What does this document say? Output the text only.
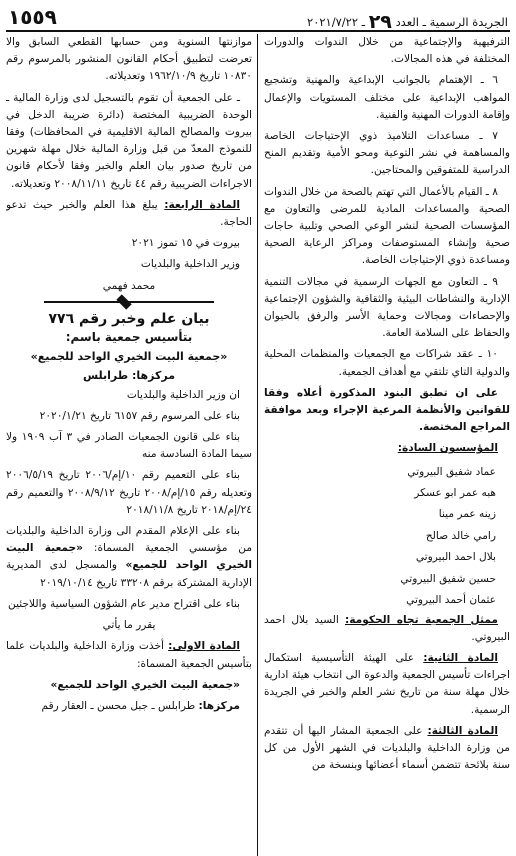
١٥٥٩	الجريدة الرسمية ـ العدد ٢٩ ـ ٢٠٢١/٧/٢٢

الترفيهية والإجتماعية من خلال الندوات والدورات المختلفة في هذه المجالات.

٦ ـ الإهتمام بالجوانب الإبداعية والمهنية وتشجيع المواهب الإبداعية على مختلف المستويات والإعمال وإقامة الدورات المهنية والفنية.

٧ ـ مساعدات التلاميذ ذوي الإحتياجات الخاصة والمساهمة في نشر التوعية ومحو الأمية وتقديم المنح الدراسية للمتفوقين والمحتاجين.

٨ ـ القيام بالأعمال التي تهتم بالصحة من خلال الندوات الصحية والمساعدات المادية للمرضى والتعاون مع المؤسسات الصحية لنشر الوعي الصحي وتلبية حاجات صحية وإنشاء المستوصفات ومراكز الرعاية الصحية ومساعدة ذوي الإحتياجات الخاصة.

٩ ـ التعاون مع الجهات الرسمية في مجالات التنمية الإدارية والنشاطات البيئية والثقافية والشؤون الإجتماعية والإحصاءات ومجالات وحماية الأسر والرفق بالحيوان والحفاظ على السلامة العامة.

١٠ ـ عقد شراكات مع الجمعيات والمنظمات المحلية والدولية التاي تلتقي مع أهداف الجمعية.

على ان تطبق البنود المذكورة أعلاه وفقا للقوانين والأنظمة المرعية الإجراء وبعد موافقة المراجع المختصة.

المؤسسون السادة:

عماد شفيق البيروتي

هبه عمر ابو عسكر

زينه عمر مينا

رامي خالد صالح

بلال احمد البيروتي

حسين شفيق البيروتي

عثمان أحمد البيروتي

ممثل الجمعية تجاه الحكومة: السيد بلال احمد البيروتي.

المادة الثانية: على الهيئة التأسيسية استكمال اجراءات تأسيس الجمعية والدعوة الى انتخاب هيئة ادارية خلال مهلة سنة من تاريخ نشر العلم والخبر في الجريدة الرسمية.

المادة الثالثة: على الجمعية المشار اليها أن تتقدم من وزارة الداخلية والبلديات في الشهر الأول من كل سنة بلائحة تتضمن أسماء أعضائها وبنسخة من

موازنتها السنوية ومن حسابها القطعي السابق والا تعرضت لتطبيق أحكام القانون المنشور بالمرسوم رقم ١٠٨٣٠ تاريخ ١٩٦٢/١٠/٩ وتعديلاته.

ـ على الجمعية أن تقوم بالتسجيل لدى وزارة المالية ـ الوحدة الضريبية المختصة (دائرة ضريبة الدخل في بيروت والمصالح المالية الاقليمية في المحافظات) وفقا للنموذج المعدّ من قبل وزارة المالية خلال مهلة شهرين من تاريخ صدور بيان العلم والخبر وفقا لأحكام قانون الاجراءات الضريبية رقم ٤٤ تاريخ ٢٠٠٨/١١/١١ وتعديلاته.

المادة الرابعة: يبلغ هذا العلم والخبر حيث تدعو الحاجة.

بيروت في ١٥ تموز ٢٠٢١

وزير الداخلية والبلديات

محمد فهمي

بيان علم وخبر رقم ٧٧٦
بتأسيس جمعية باسم:
«جمعية البيت الخيري الواحد للجميع»
مركزها: طرابلس

ان وزير الداخلية والبلديات

بناء على المرسوم رقم ٦١٥٧ تاريخ ٢٠٢٠/١/٢١

بناء على قانون الجمعيات الصادر في ٣ آب ١٩٠٩ ولا سيما المادة السادسة منه

بناء على التعميم رقم ١٠/إم/٢٠٠٦ تاريخ ٢٠٠٦/٥/١٩ وتعديله رقم ١٥/إم/٢٠٠٨ تاريخ ٢٠٠٨/٩/١٢ والتعميم رقم ٢٤/إم/٢٠١٨ تاريخ ٢٠١٨/١١/٨

بناء على الإعلام المقدم الى وزارة الداخلية والبلديات من مؤسسي الجمعية المسماة: «جمعية البيت الخيري الواحد للجميع» والمسجل لدى المديرية الإدارية المشتركة برقم ٣٣٢٠٨ تاريخ ٢٠١٩/١٠/١٤

بناء على اقتراح مدير عام الشؤون السياسية واللاجئين

يقرر ما يأتي

المادة الاولى: أخذت وزارة الداخلية والبلديات علما بتأسيس الجمعية المسماة:

«جمعية البيت الخيري الواحد للجميع»

مركزها: طرابلس ـ جبل محسن ـ العقار رقم
